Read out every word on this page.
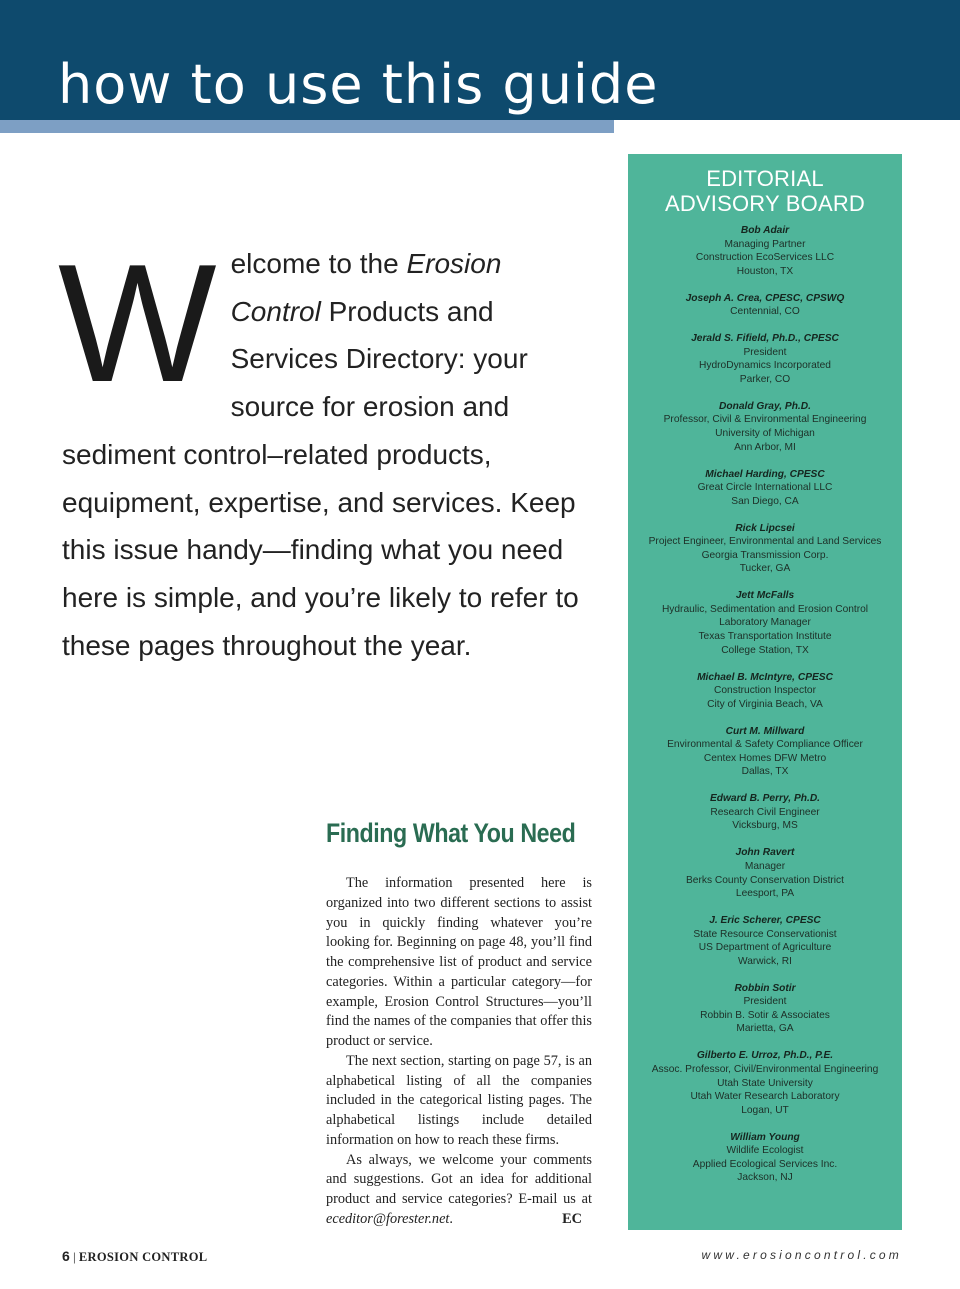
how to use this guide
W elcome to the Erosion Control Products and Services Directory: your source for erosion and sediment control–related products, equipment, expertise, and services. Keep this issue handy—finding what you need here is simple, and you’re likely to refer to these pages throughout the year.
Finding What You Need

The information presented here is organized into two different sections to assist you in quickly finding whatever you’re looking for. Beginning on page 48, you’ll find the comprehensive list of product and service categories. Within a particular category—for example, Erosion Control Structures—you’ll find the names of the companies that offer this product or service.

The next section, starting on page 57, is an alphabetical listing of all the companies included in the categorical listing pages. The alphabetical listings include detailed information on how to reach these firms.

As always, we welcome your comments and suggestions. Got an idea for additional product and service categories? E-mail us at eceditor@forester.net.	EC

EDITORIAL
ADVISORY BOARD
Bob Adair
Managing Partner
Construction EcoServices LLC
Houston, TX
Joseph A. Crea, CPESC, CPSWQ
Centennial, CO
Jerald S. Fifield, Ph.D., CPESC
President
HydroDynamics Incorporated
Parker, CO
Donald Gray, Ph.D.
Professor, Civil & Environmental Engineering
University of Michigan
Ann Arbor, MI
Michael Harding, CPESC
Great Circle International LLC
San Diego, CA
Rick Lipcsei
Project Engineer, Environmental and Land Services
Georgia Transmission Corp.
Tucker, GA
Jett McFalls
Hydraulic, Sedimentation and Erosion Control
Laboratory Manager
Texas Transportation Institute
College Station, TX
Michael B. McIntyre, CPESC
Construction Inspector
City of Virginia Beach, VA
Curt M. Millward
Environmental & Safety Compliance Officer
Centex Homes DFW Metro
Dallas, TX
Edward B. Perry, Ph.D.
Research Civil Engineer
Vicksburg, MS
John Ravert
Manager
Berks County Conservation District
Leesport, PA
J. Eric Scherer, CPESC
State Resource Conservationist
US Department of Agriculture
Warwick, RI
Robbin Sotir
President
Robbin B. Sotir & Associates
Marietta, GA
Gilberto E. Urroz, Ph.D., P.E.
Assoc. Professor, Civil/Environmental Engineering
Utah State University
Utah Water Research Laboratory
Logan, UT
William Young
Wildlife Ecologist
Applied Ecological Services Inc.
Jackson, NJ
6 | EROSION CONTROL	www.erosioncontrol.com
